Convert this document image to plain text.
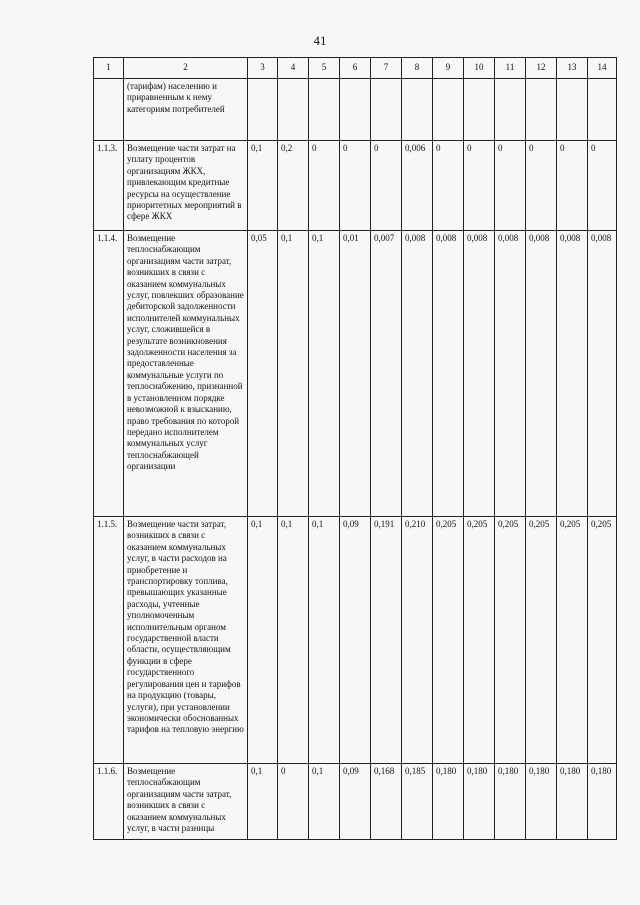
41
1	2	3	4	5	6	7	8	9	10	11	12	13	14
	(тарифам) населению и приравненным к нему категориям потребителей												
1.1.3.	Возмещение части затрат на уплату процентов организациям ЖКХ, привлекающим кредитные ресурсы на осуществление приоритетных мероприятий в сфере ЖКХ	0,1	0,2	0	0	0	0,006	0	0	0	0	0	0
1.1.4.	Возмещение теплоснабжающим организациям части затрат, возникших в связи с оказанием коммунальных услуг, повлекших образование дебиторской задолженности исполнителей коммунальных услуг, сложившейся в результате возникновения задолженности населения за предоставленные коммунальные услуги по теплоснабжению, признанной в установленном порядке невозможной к взысканию, право требования по которой передано исполнителем коммунальных услуг теплоснабжающей организации	0,05	0,1	0,1	0,01	0,007	0,008	0,008	0,008	0,008	0,008	0,008	0,008
1.1.5.	Возмещение части затрат, возникших в связи с оказанием коммунальных услуг, в части расходов на приобретение и транспортировку топлива, превышающих указанные расходы, учтенные уполномоченным исполнительным органом государственной власти области, осуществляющим функции в сфере государственного регулирования цен и тарифов на продукцию (товары, услуги), при установлении экономически обоснованных тарифов на тепловую энергию	0,1	0,1	0,1	0,09	0,191	0,210	0,205	0,205	0,205	0,205	0,205	0,205
1.1.6.	Возмещение теплоснабжающим организациям части затрат, возникших в связи с оказанием коммунальных услуг, в части разницы	0,1	0	0,1	0,09	0,168	0,185	0,180	0,180	0,180	0,180	0,180	0,180
